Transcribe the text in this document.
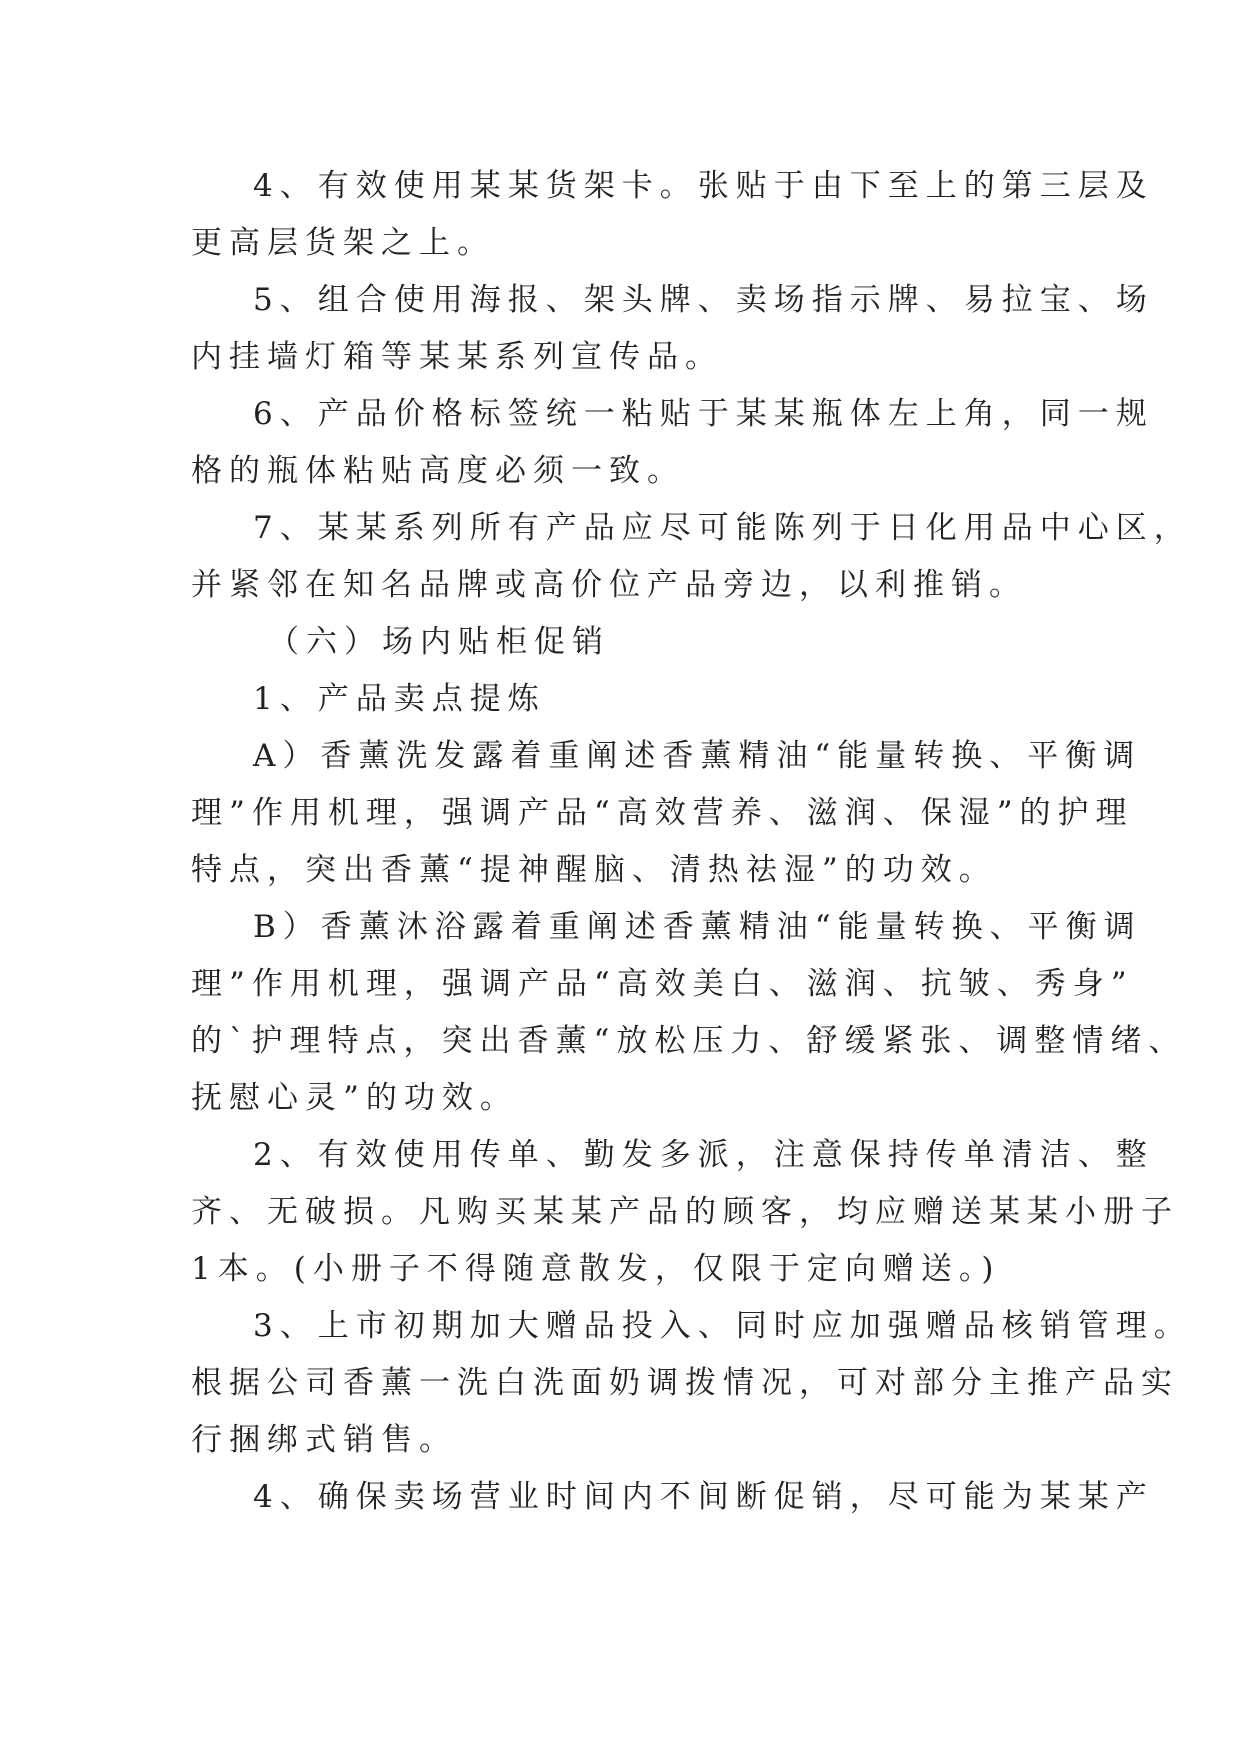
4、有效使用某某货架卡。张贴于由下至上的第三层及
更高层货架之上。
5、组合使用海报、架头牌、卖场指示牌、易拉宝、场
内挂墙灯箱等某某系列宣传品。
6、产品价格标签统一粘贴于某某瓶体左上角，同一规
格的瓶体粘贴高度必须一致。
7、某某系列所有产品应尽可能陈列于日化用品中心区，
并紧邻在知名品牌或高价位产品旁边，以利推销。
（六）场内贴柜促销
1、产品卖点提炼
A）香薰洗发露着重阐述香薰精油“能量转换、平衡调
理”作用机理，强调产品“高效营养、滋润、保湿”的护理
特点，突出香薰“提神醒脑、清热祛湿”的功效。
B）香薰沐浴露着重阐述香薰精油“能量转换、平衡调
理”作用机理，强调产品“高效美白、滋润、抗皱、秀身”
的`护理特点，突出香薰“放松压力、舒缓紧张、调整情绪、
抚慰心灵”的功效。
2、有效使用传单、勤发多派，注意保持传单清洁、整
齐、无破损。凡购买某某产品的顾客，均应赠送某某小册子
1本。(小册子不得随意散发，仅限于定向赠送。)
3、上市初期加大赠品投入、同时应加强赠品核销管理。
根据公司香薰一洗白洗面奶调拨情况，可对部分主推产品实
行捆绑式销售。
4、确保卖场营业时间内不间断促销，尽可能为某某产
